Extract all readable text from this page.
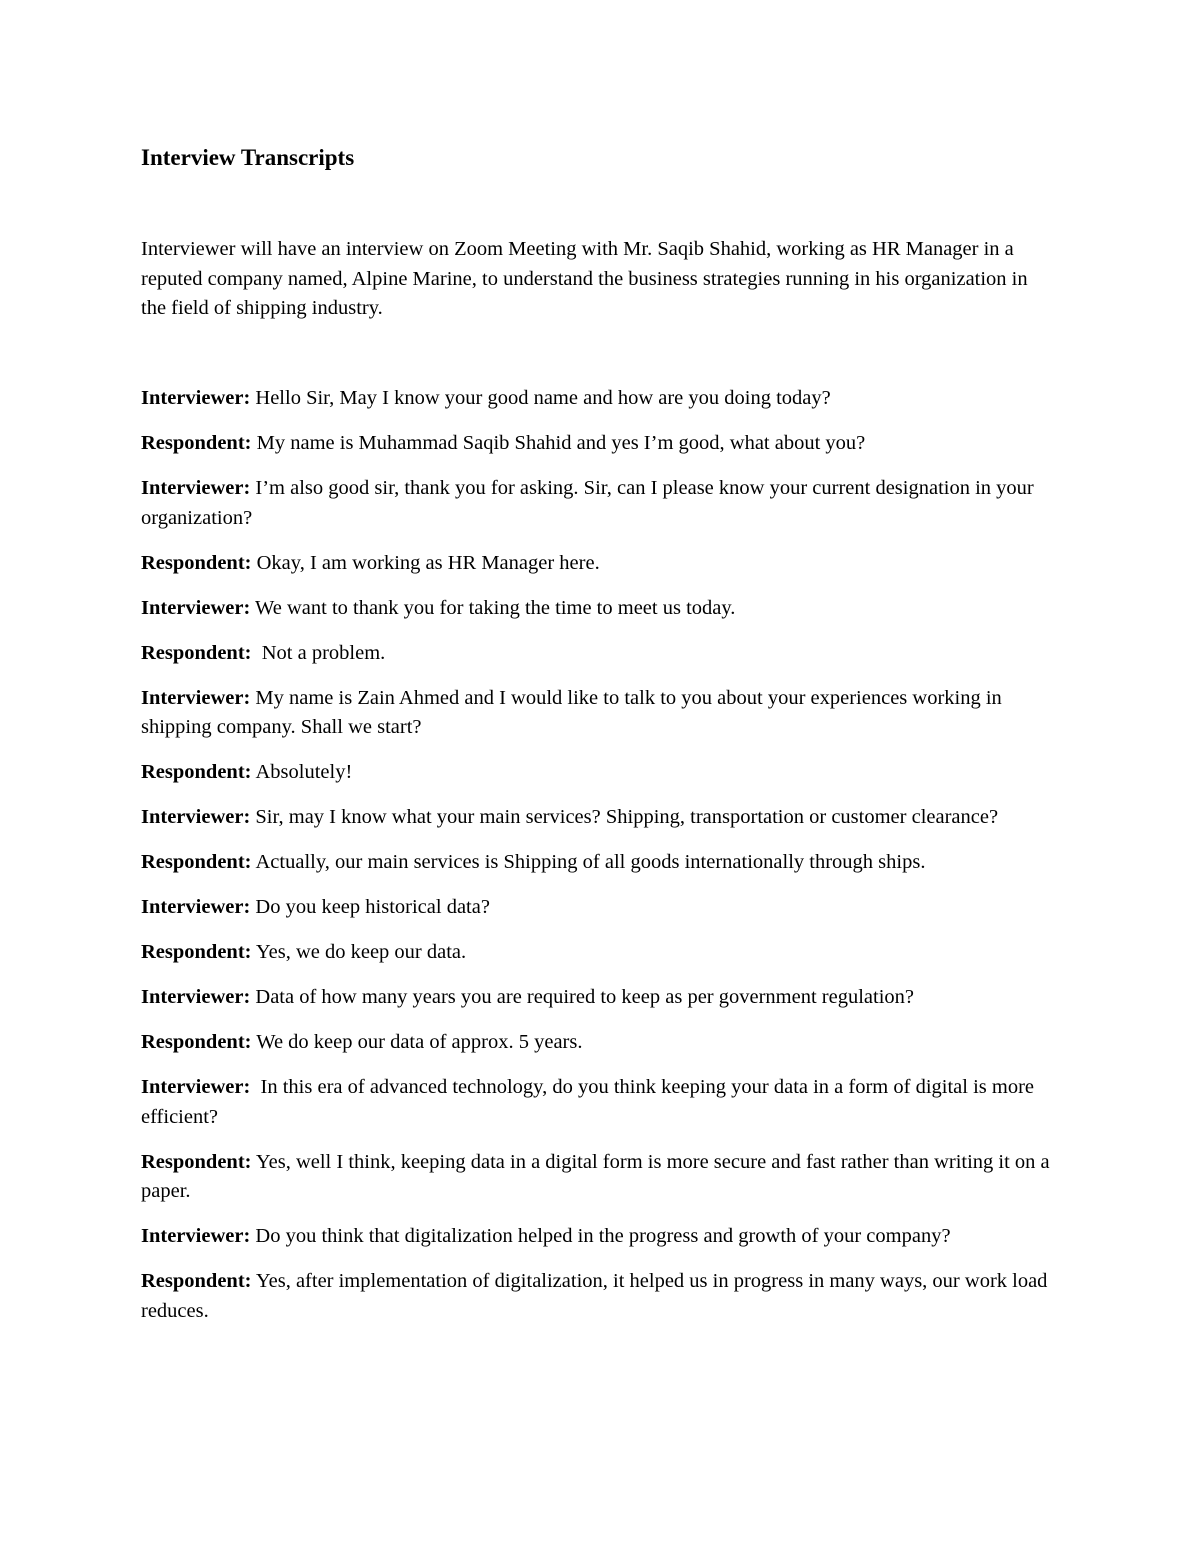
Interview Transcripts

Interviewer will have an interview on Zoom Meeting with Mr. Saqib Shahid, working as HR Manager in a reputed company named, Alpine Marine, to understand the business strategies running in his organization in the field of shipping industry.

Interviewer: Hello Sir, May I know your good name and how are you doing today?

Respondent: My name is Muhammad Saqib Shahid and yes I’m good, what about you?

Interviewer: I’m also good sir, thank you for asking. Sir, can I please know your current designation in your organization?

Respondent: Okay, I am working as HR Manager here.

Interviewer: We want to thank you for taking the time to meet us today.

Respondent:  Not a problem.

Interviewer: My name is Zain Ahmed and I would like to talk to you about your experiences working in shipping company. Shall we start?

Respondent: Absolutely!

Interviewer: Sir, may I know what your main services? Shipping, transportation or customer clearance?

Respondent: Actually, our main services is Shipping of all goods internationally through ships.

Interviewer: Do you keep historical data?

Respondent: Yes, we do keep our data.

Interviewer: Data of how many years you are required to keep as per government regulation?

Respondent: We do keep our data of approx. 5 years.

Interviewer:  In this era of advanced technology, do you think keeping your data in a form of digital is more efficient?

Respondent: Yes, well I think, keeping data in a digital form is more secure and fast rather than writing it on a paper.

Interviewer: Do you think that digitalization helped in the progress and growth of your company?

Respondent: Yes, after implementation of digitalization, it helped us in progress in many ways, our work load reduces.
